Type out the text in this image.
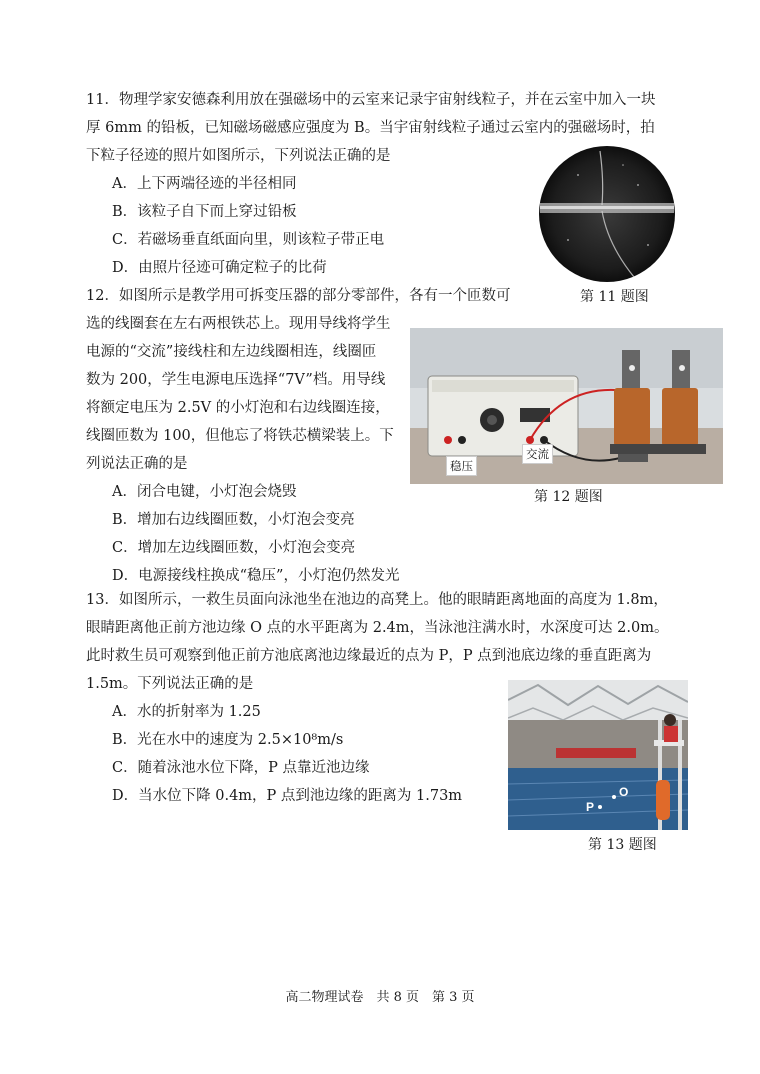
11．物理学家安德森利用放在强磁场中的云室来记录宇宙射线粒子，并在云室中加入一块
厚 6mm 的铅板，已知磁场磁感应强度为 B。当宇宙射线粒子通过云室内的强磁场时，拍
下粒子径迹的照片如图所示，下列说法正确的是
A．上下两端径迹的半径相同
B．该粒子自下而上穿过铅板
C．若磁场垂直纸面向里，则该粒子带正电
D．由照片径迹可确定粒子的比荷
第 11 题图
12．如图所示是教学用可拆变压器的部分零部件，各有一个匝数可
选的线圈套在左右两根铁芯上。现用导线将学生
电源的“交流”接线柱和左边线圈相连，线圈匝
数为 200，学生电源电压选择“7V”档。用导线
将额定电压为 2.5V 的小灯泡和右边线圈连接，
线圈匝数为 100，但他忘了将铁芯横梁装上。下
列说法正确的是
A．闭合电键，小灯泡会烧毁
B．增加右边线圈匝数，小灯泡会变亮
C．增加左边线圈匝数，小灯泡会变亮
D．电源接线柱换成“稳压”，小灯泡仍然发光
稳压
交流
第 12 题图
13．如图所示，一救生员面向泳池坐在池边的高凳上。他的眼睛距离地面的高度为 1.8m，
眼睛距离他正前方池边缘 O 点的水平距离为 2.4m，当泳池注满水时，水深度可达 2.0m。
此时救生员可观察到他正前方池底离池边缘最近的点为 P，P 点到池底边缘的垂直距离为
1.5m。下列说法正确的是
A．水的折射率为 1.25
B．光在水中的速度为 2.5×10⁸m/s
C．随着泳池水位下降，P 点靠近池边缘
D．当水位下降 0.4m，P 点到池边缘的距离为 1.73m	O
P
第 13 题图
高二物理试卷　共 8 页　第 3 页
